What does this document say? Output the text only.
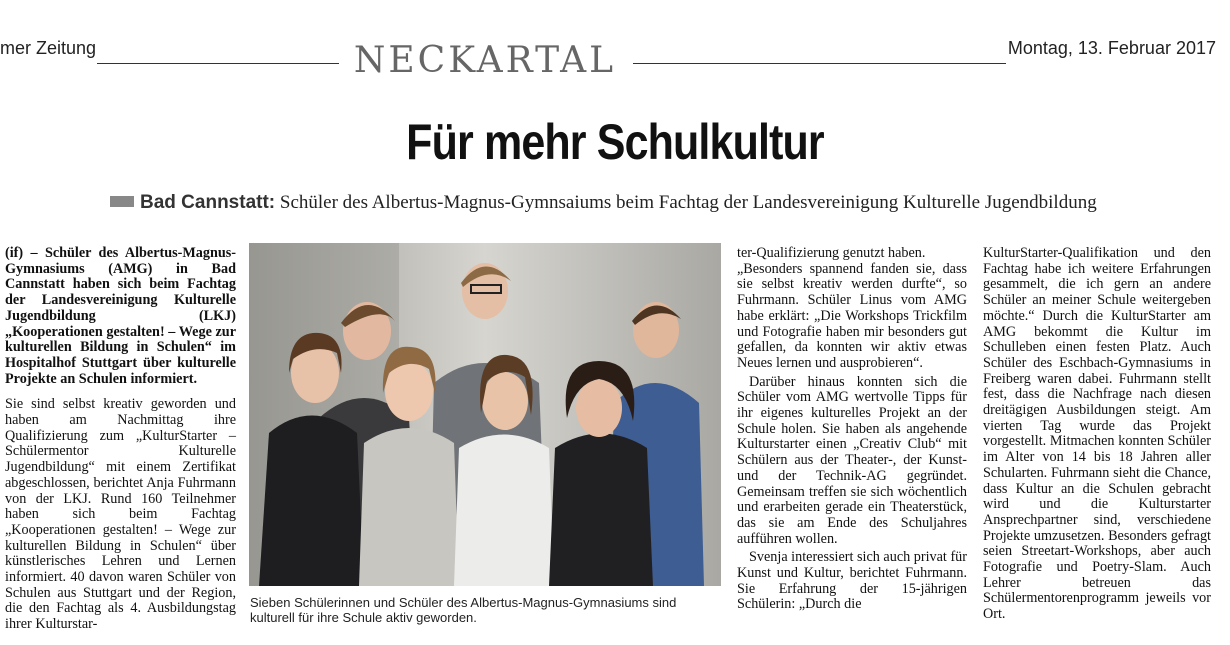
mer Zeitung	NECKARTAL	Montag, 13. Februar 2017
Für mehr Schulkultur
Bad Cannstatt: Schüler des Albertus-Magnus-Gymnsaiums beim Fachtag der Landesvereinigung Kulturelle Jugendbildung

(if) – Schüler des Albertus-Magnus-Gymnasiums (AMG) in Bad Cannstatt haben sich beim Fachtag der Landesvereinigung Kulturelle Jugendbildung (LKJ) „Kooperationen gestalten! – Wege zur kulturellen Bildung in Schulen“ im Hospitalhof Stuttgart über kulturelle Projekte an Schulen informiert.

Sie sind selbst kreativ geworden und haben am Nachmittag ihre Qualifizierung zum „KulturStarter – Schülermentor Kulturelle Jugendbildung“ mit einem Zertifikat abgeschlossen, berichtet Anja Fuhrmann von der LKJ. Rund 160 Teilnehmer haben sich beim Fachtag „Kooperationen gestalten! – Wege zur kulturellen Bildung in Schulen“ über künstlerisches Lehren und Lernen informiert. 40 davon waren Schüler von Schulen aus Stuttgart und der Region, die den Fachtag als 4. Ausbildungstag ihrer Kulturstar-

Sieben Schülerinnen und Schüler des Albertus-Magnus-Gymnasiums sind kulturell für ihre Schule aktiv geworden.

ter-Qualifizierung genutzt haben.

„Besonders spannend fanden sie, dass sie selbst kreativ werden durfte“, so Fuhrmann. Schüler Linus vom AMG habe erklärt: „Die Workshops Trickfilm und Fotografie haben mir besonders gut gefallen, da konnten wir aktiv etwas Neues lernen und ausprobieren“.

Darüber hinaus konnten sich die Schüler vom AMG wertvolle Tipps für ihr eigenes kulturelles Projekt an der Schule holen. Sie haben als angehende Kulturstarter einen „Creativ Club“ mit Schülern aus der Theater-, der Kunst- und der Technik-AG gegründet. Gemeinsam treffen sie sich wöchentlich und erarbeiten gerade ein Theaterstück, das sie am Ende des Schuljahres aufführen wollen.

Svenja interessiert sich auch privat für Kunst und Kultur, berichtet Fuhrmann. Sie Erfahrung der 15-jährigen Schülerin: „Durch die

KulturStarter-Qualifikation und den Fachtag habe ich weitere Erfahrungen gesammelt, die ich gern an andere Schüler an meiner Schule weitergeben möchte.“ Durch die KulturStarter am AMG bekommt die Kultur im Schulleben einen festen Platz. Auch Schüler des Eschbach-Gymnasiums in Freiberg waren dabei. Fuhrmann stellt fest, dass die Nachfrage nach diesen dreitägigen Ausbildungen steigt. Am vierten Tag wurde das Projekt vorgestellt. Mitmachen konnten Schüler im Alter von 14 bis 18 Jahren aller Schularten. Fuhrmann sieht die Chance, dass Kultur an die Schulen gebracht wird und die Kulturstarter Ansprechpartner sind, verschiedene Projekte umzusetzen. Besonders gefragt seien Streetart-Workshops, aber auch Fotografie und Poetry-Slam. Auch Lehrer betreuen das Schülermentorenprogramm jeweils vor Ort.
